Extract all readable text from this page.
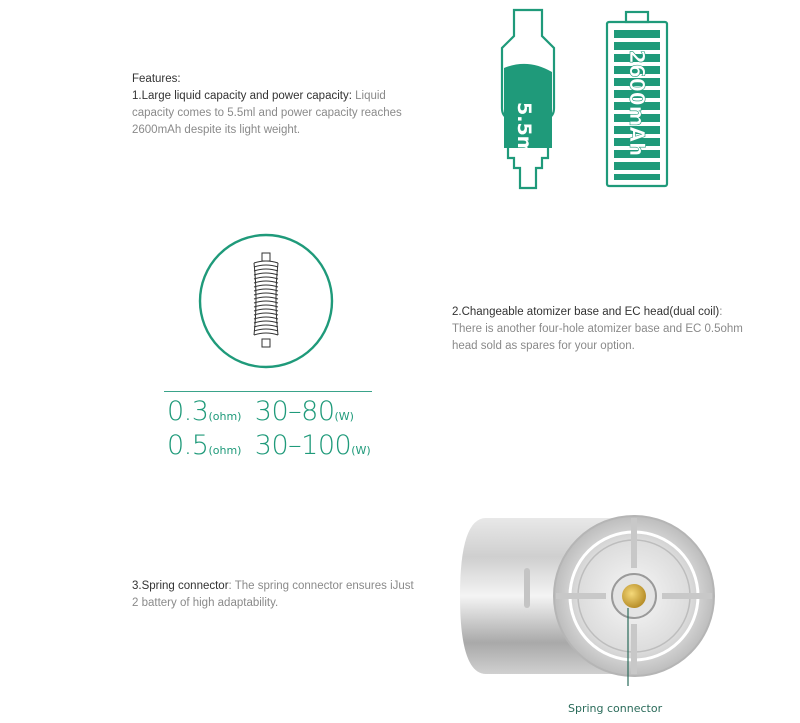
Features:
1.Large liquid capacity and power capacity: Liquid capacity comes to 5.5ml and power capacity reaches 2600mAh despite its light weight.	5.5ml	2600mAh
2.Changeable atomizer base and EC head(dual coil): There is another four-hole atomizer base and EC 0.5ohm head sold as spares for your option.
0.3(ohm) 30–80(W)
0.5(ohm) 30–100(W)
3.Spring connector: The spring connector ensures iJust 2 battery of high adaptability.
Spring connector
